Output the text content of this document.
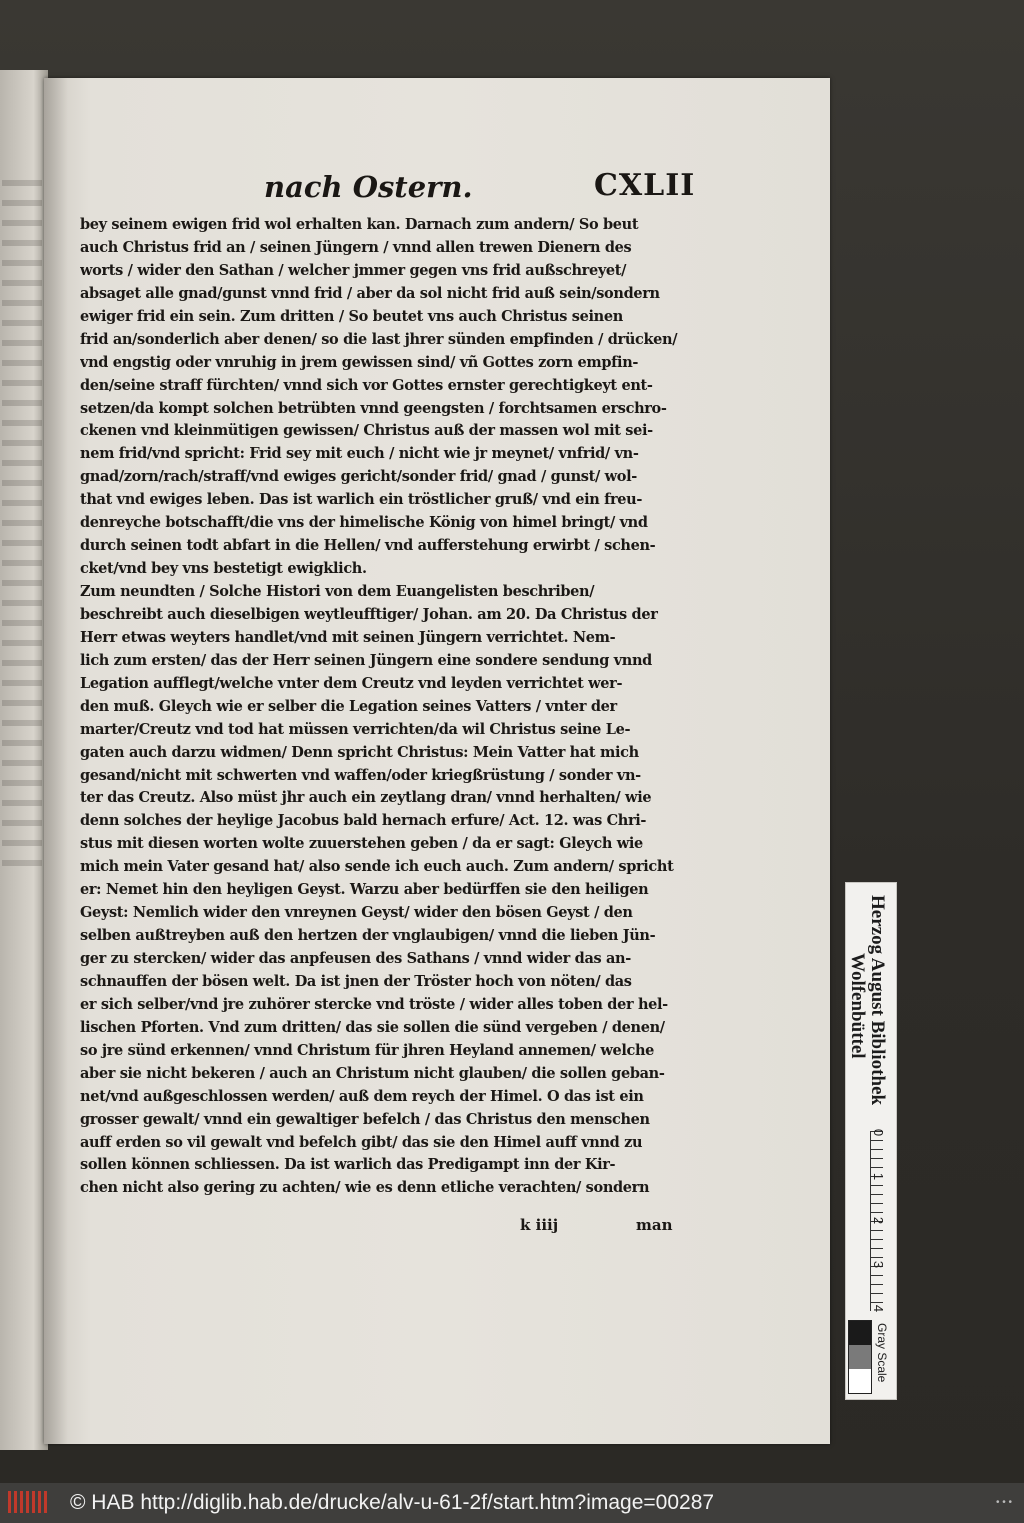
nach Ostern.	CXLII
bey seinem ewigen frid wol erhalten kan. Darnach zum andern/ So beut
auch Christus frid an / seinen Jüngern / vnnd allen trewen Dienern des
worts / wider den Sathan / welcher jmmer gegen vns frid außschreyet/
absaget alle gnad/gunst vnnd frid / aber da sol nicht frid auß sein/sondern
ewiger frid ein sein. Zum dritten / So beutet vns auch Christus seinen
frid an/sonderlich aber denen/ so die last jhrer sünden empfinden / drücken/
vnd engstig oder vnruhig in jrem gewissen sind/ vñ Gottes zorn empfin-
den/seine straff fürchten/ vnnd sich vor Gottes ernster gerechtigkeyt ent-
setzen/da kompt solchen betrübten vnnd geengsten / forchtsamen erschro-
ckenen vnd kleinmütigen gewissen/ Christus auß der massen wol mit sei-
nem frid/vnd spricht: Frid sey mit euch / nicht wie jr meynet/ vnfrid/ vn-
gnad/zorn/rach/straff/vnd ewiges gericht/sonder frid/ gnad / gunst/ wol-
that vnd ewiges leben. Das ist warlich ein tröstlicher gruß/ vnd ein freu-
denreyche botschafft/die vns der himelische König von himel bringt/ vnd
durch seinen todt abfart in die Hellen/ vnd aufferstehung erwirbt / schen-
cket/vnd bey vns bestetigt ewigklich.
Zum neundten / Solche Histori von dem Euangelisten beschriben/
beschreibt auch dieselbigen weytleufftiger/ Johan. am 20. Da Christus der
Herr etwas weyters handlet/vnd mit seinen Jüngern verrichtet. Nem-
lich zum ersten/ das der Herr seinen Jüngern eine sondere sendung vnnd
Legation aufflegt/welche vnter dem Creutz vnd leyden verrichtet wer-
den muß. Gleych wie er selber die Legation seines Vatters / vnter der
marter/Creutz vnd tod hat müssen verrichten/da wil Christus seine Le-
gaten auch darzu widmen/ Denn spricht Christus: Mein Vatter hat mich
gesand/nicht mit schwerten vnd waffen/oder kriegßrüstung / sonder vn-
ter das Creutz. Also müst jhr auch ein zeytlang dran/ vnnd herhalten/ wie
denn solches der heylige Jacobus bald hernach erfure/ Act. 12. was Chri-
stus mit diesen worten wolte zuuerstehen geben / da er sagt: Gleych wie
mich mein Vater gesand hat/ also sende ich euch auch. Zum andern/ spricht
er: Nemet hin den heyligen Geyst. Warzu aber bedürffen sie den heiligen
Geyst: Nemlich wider den vnreynen Geyst/ wider den bösen Geyst / den
selben außtreyben auß den hertzen der vnglaubigen/ vnnd die lieben Jün-
ger zu stercken/ wider das anpfeusen des Sathans / vnnd wider das an-
schnauffen der bösen welt. Da ist jnen der Tröster hoch von nöten/ das
er sich selber/vnd jre zuhörer stercke vnd tröste / wider alles toben der hel-
lischen Pforten. Vnd zum dritten/ das sie sollen die sünd vergeben / denen/
so jre sünd erkennen/ vnnd Christum für jhren Heyland annemen/ welche
aber sie nicht bekeren / auch an Christum nicht glauben/ die sollen geban-
net/vnd außgeschlossen werden/ auß dem reych der Himel. O das ist ein
grosser gewalt/ vnnd ein gewaltiger befelch / das Christus den menschen
auff erden so vil gewalt vnd befelch gibt/ das sie den Himel auff vnnd zu
sollen können schliessen. Da ist warlich das Predigampt inn der Kir-
chen nicht also gering zu achten/ wie es denn etliche verachten/ sondern
k iiij	man
Herzog August Bibliothek
Wolfenbüttel
0
1
2
3
4
Gray Scale
© HAB http://diglib.hab.de/drucke/alv-u-61-2f/start.htm?image=00287	• • •
